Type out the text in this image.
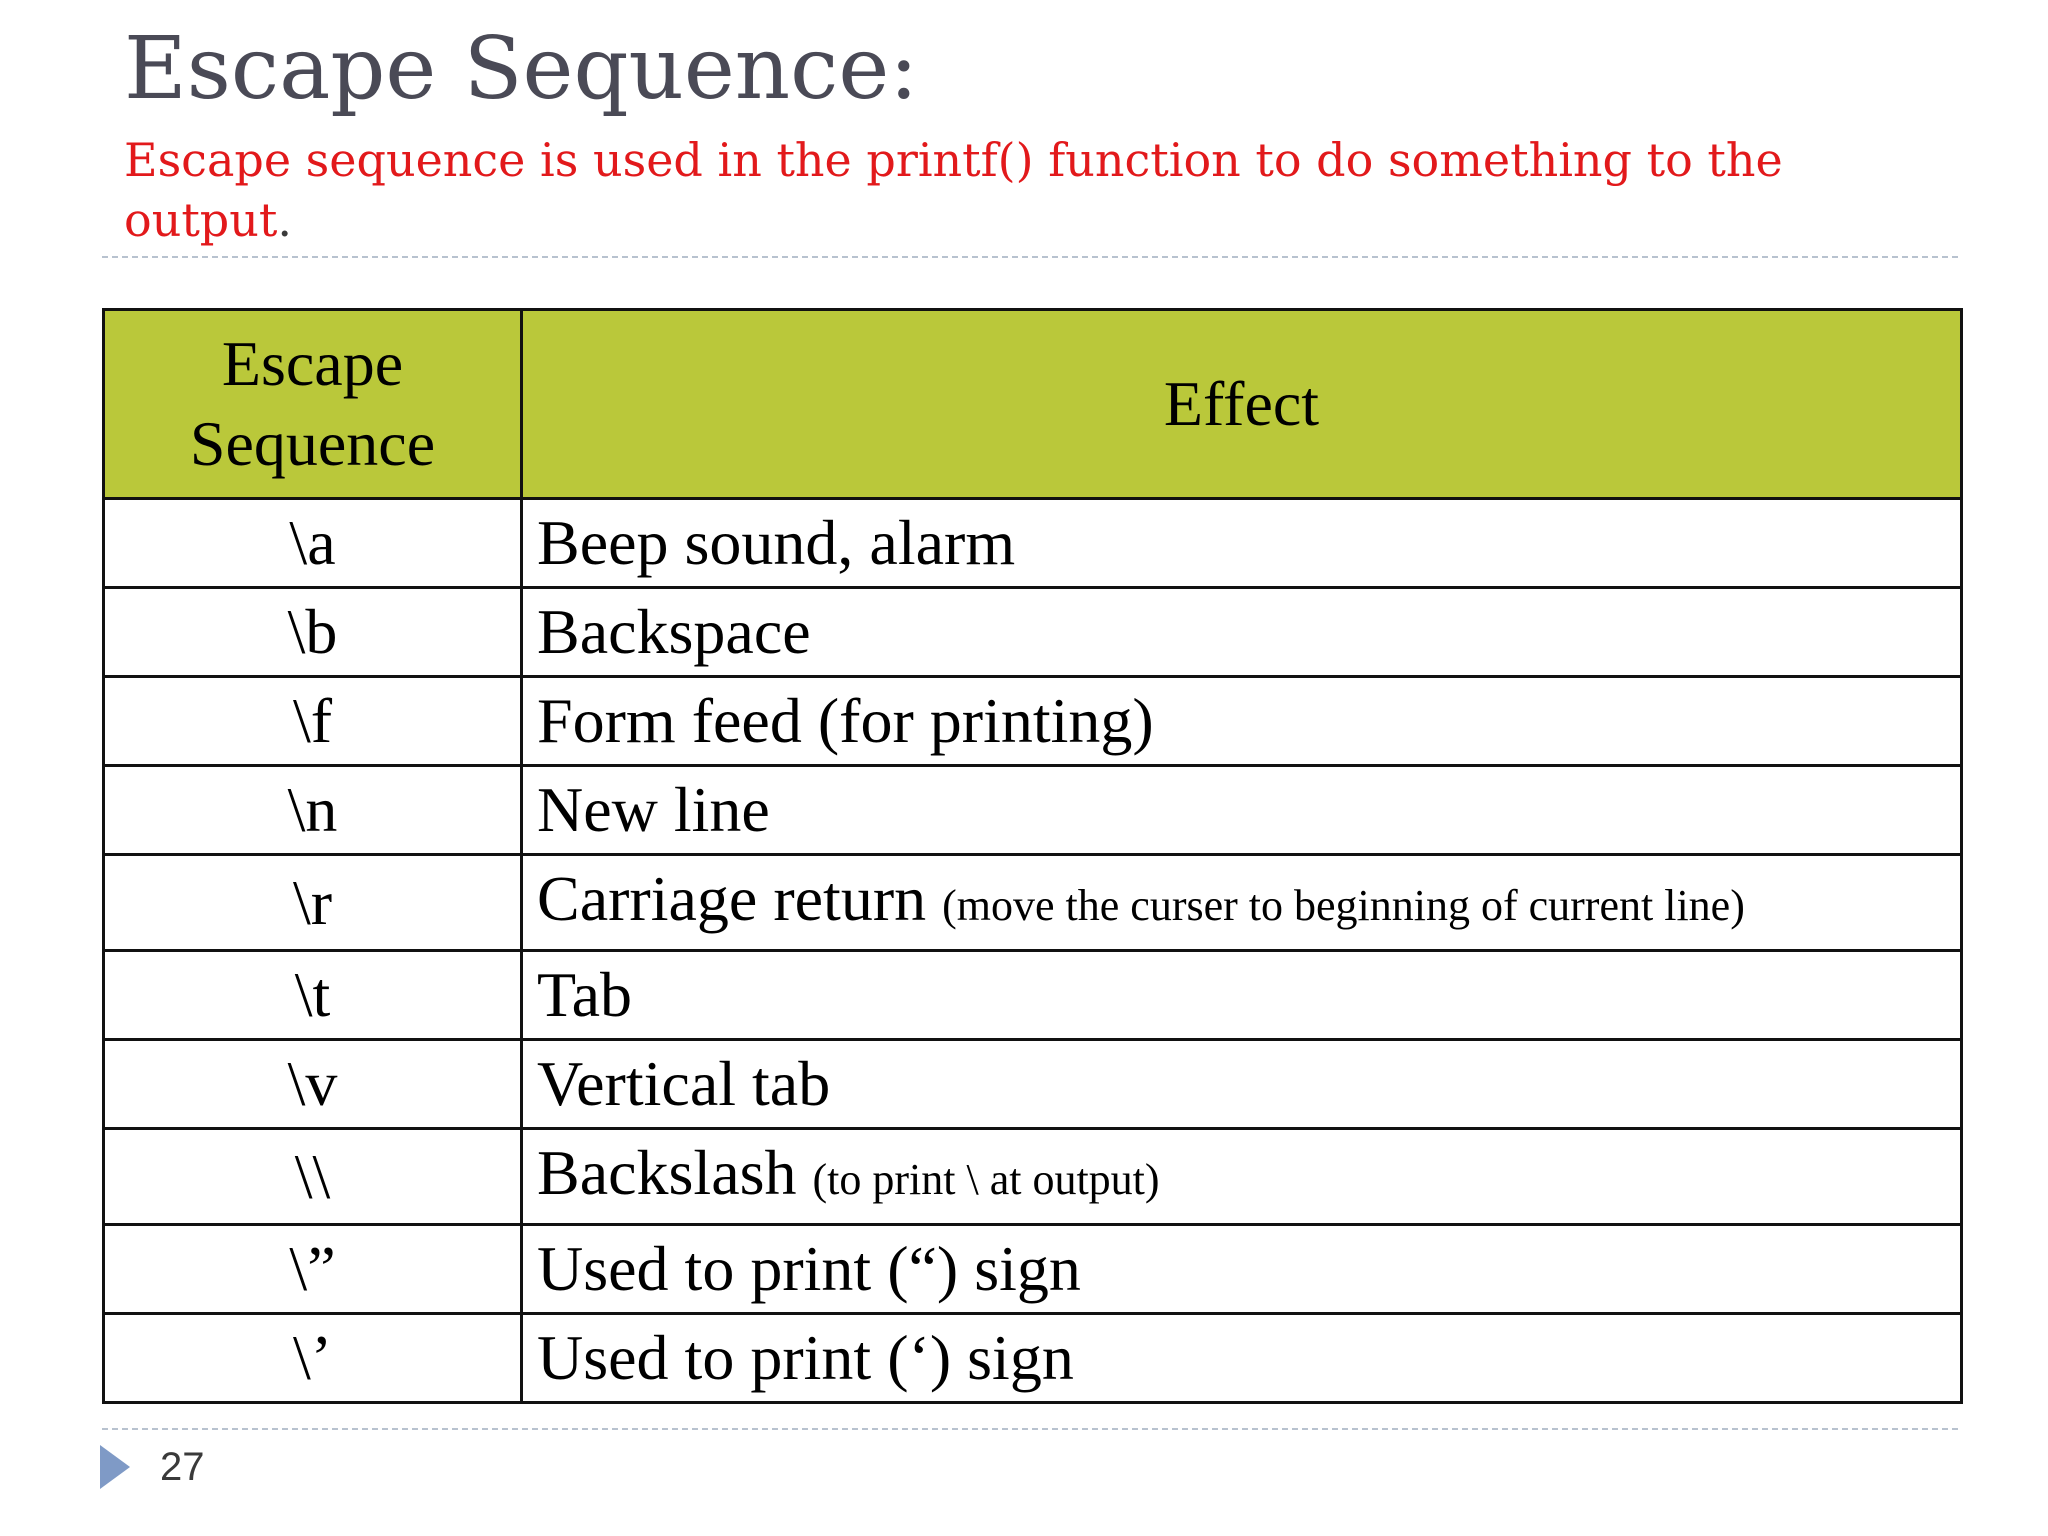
Escape Sequence:
Escape sequence is used in the printf() function to do something to the output.
Escape Sequence	Effect
\a	Beep sound, alarm
\b	Backspace
\f	Form feed (for printing)
\n	New line
\r	Carriage return (move the curser to beginning of current line)
\t	Tab
\v	Vertical tab
\\	Backslash (to print \ at output)
\”	Used to print (“) sign
\’	Used to print (‘) sign
27
